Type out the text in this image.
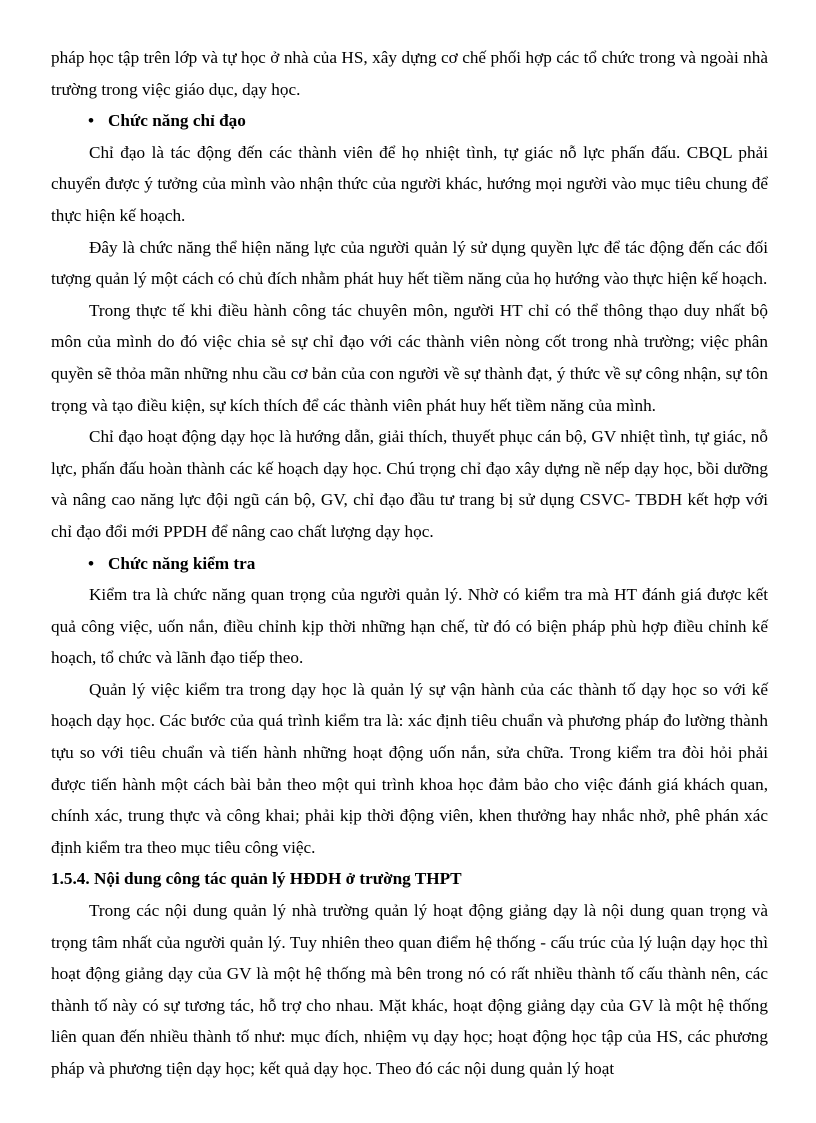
pháp học tập trên lớp và tự học ở nhà của HS, xây dựng cơ chế phối hợp các tổ chức trong và ngoài nhà trường trong việc giáo dục, dạy học.

• Chức năng chỉ đạo

Chỉ đạo là tác động đến các thành viên để họ nhiệt tình, tự giác nỗ lực phấn đấu. CBQL phải chuyển được ý tưởng của mình vào nhận thức của người khác, hướng mọi người vào mục tiêu chung để thực hiện kế hoạch.

Đây là chức năng thể hiện năng lực của người quản lý sử dụng quyền lực để tác động đến các đối tượng quản lý một cách có chủ đích nhằm phát huy hết tiềm năng của họ hướng vào thực hiện kế hoạch.

Trong thực tế khi điều hành công tác chuyên môn, người HT chỉ có thể thông thạo duy nhất bộ môn của mình do đó việc chia sẻ sự chỉ đạo với các thành viên nòng cốt trong nhà trường; việc phân quyền sẽ thỏa mãn những nhu cầu cơ bản của con người về sự thành đạt, ý thức về sự công nhận, sự tôn trọng và tạo điều kiện, sự kích thích để các thành viên phát huy hết tiềm năng của mình.

Chỉ đạo hoạt động dạy học là hướng dẫn, giải thích, thuyết phục cán bộ, GV nhiệt tình, tự giác, nỗ lực, phấn đấu hoàn thành các kế hoạch dạy học. Chú trọng chỉ đạo xây dựng nề nếp dạy học, bồi dưỡng và nâng cao năng lực đội ngũ cán bộ, GV, chỉ đạo đầu tư trang bị sử dụng CSVC- TBDH kết hợp với chỉ đạo đổi mới PPDH để nâng cao chất lượng dạy học.

• Chức năng kiểm tra

Kiểm tra là chức năng quan trọng của người quản lý. Nhờ có kiểm tra mà HT đánh giá được kết quả công việc, uốn nắn, điều chỉnh kịp thời những hạn chế, từ đó có biện pháp phù hợp điều chỉnh kế hoạch, tổ chức và lãnh đạo tiếp theo.

Quản lý việc kiểm tra trong dạy học là quản lý sự vận hành của các thành tố dạy học so với kế hoạch dạy học. Các bước của quá trình kiểm tra là: xác định tiêu chuẩn và phương pháp đo lường thành tựu so với tiêu chuẩn và tiến hành những hoạt động uốn nắn, sửa chữa. Trong kiểm tra đòi hỏi phải được tiến hành một cách bài bản theo một qui trình khoa học đảm bảo cho việc đánh giá khách quan, chính xác, trung thực và công khai; phải kịp thời động viên, khen thưởng hay nhắc nhở, phê phán xác định kiểm tra theo mục tiêu công việc.

1.5.4. Nội dung công tác quản lý HĐDH ở trường THPT

Trong các nội dung quản lý nhà trường quản lý hoạt động giảng dạy là nội dung quan trọng và trọng tâm nhất của người quản lý. Tuy nhiên theo quan điểm hệ thống - cấu trúc của lý luận dạy học thì hoạt động giảng dạy của GV là một hệ thống mà bên trong nó có rất nhiều thành tố cấu thành nên, các thành tố này có sự tương tác, hỗ trợ cho nhau. Mặt khác, hoạt động giảng dạy của GV là một hệ thống liên quan đến nhiều thành tố như: mục đích, nhiệm vụ dạy học; hoạt động học tập của HS, các phương pháp và phương tiện dạy học; kết quả dạy học. Theo đó các nội dung quản lý hoạt
